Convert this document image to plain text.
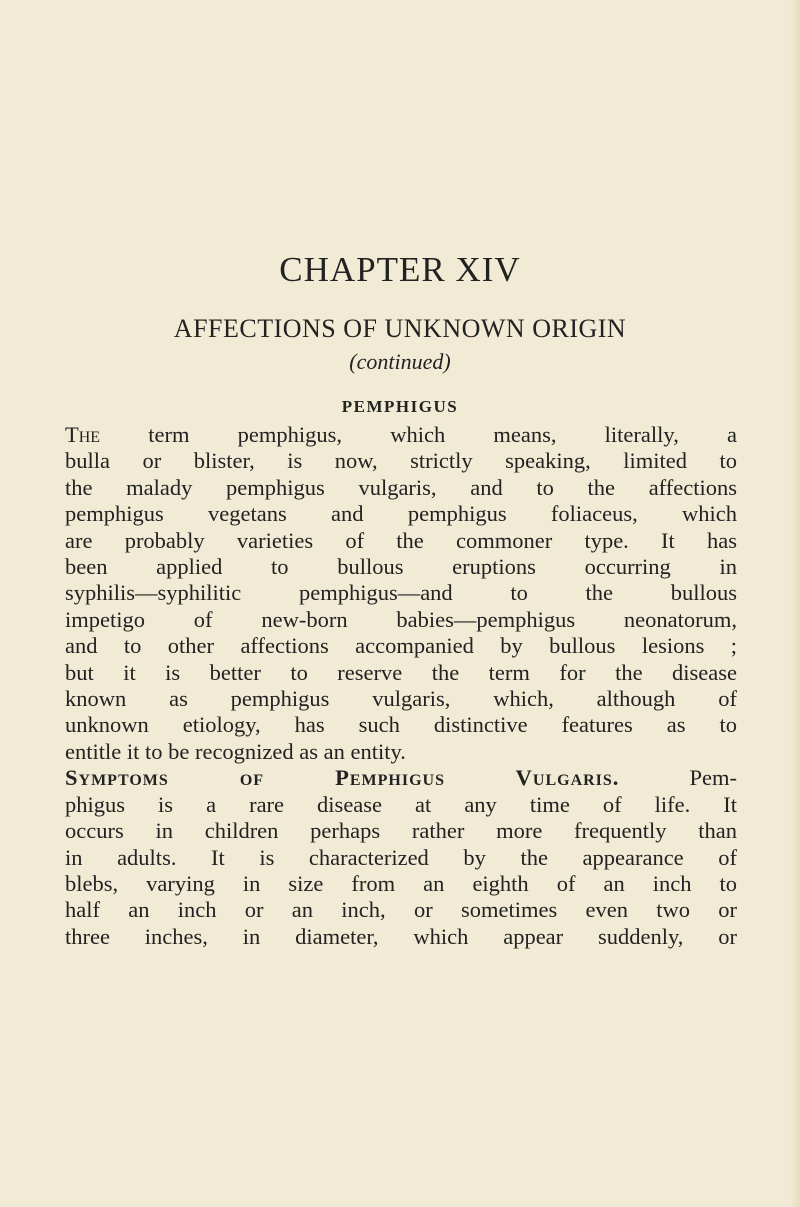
CHAPTER XIV
AFFECTIONS OF UNKNOWN ORIGIN

(continued)

PEMPHIGUS
The term pemphigus, which means, literally, a
bulla or blister, is now, strictly speaking, limited to
the malady pemphigus vulgaris, and to the affections
pemphigus vegetans and pemphigus foliaceus, which
are probably varieties of the commoner type. It has
been applied to bullous eruptions occurring in
syphilis—syphilitic pemphigus—and to the bullous
impetigo of new-born babies—pemphigus neonatorum,
and to other affections accompanied by bullous lesions ;
but it is better to reserve the term for the disease
known as pemphigus vulgaris, which, although of
unknown etiology, has such distinctive features as to
entitle it to be recognized as an entity.
Symptoms of Pemphigus Vulgaris. Pem-
phigus is a rare disease at any time of life. It
occurs in children perhaps rather more frequently than
in adults. It is characterized by the appearance of
blebs, varying in size from an eighth of an inch to
half an inch or an inch, or sometimes even two or
three inches, in diameter, which appear suddenly, or
